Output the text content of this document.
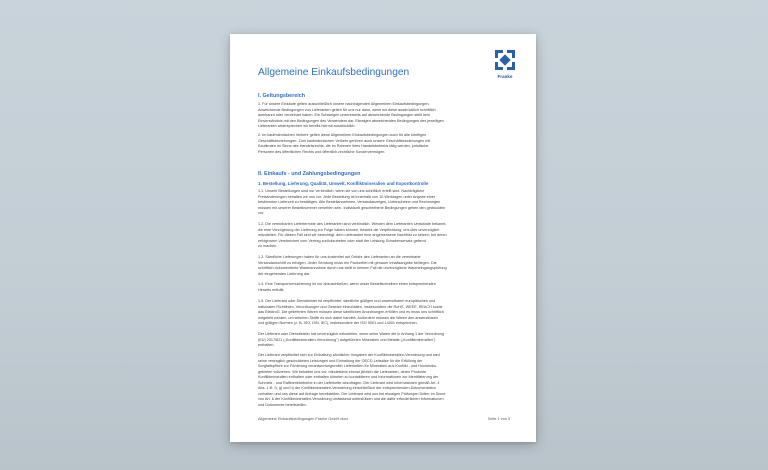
Franke
Allgemeine Einkaufsbedingungen
I. Geltungsbereich
1. Für unsere Einkäufe gelten ausschließlich unsere nachfolgenden Allgemeinen Einkaufsbedingungen.
Abweichende Bedingungen von Lieferanten gelten für uns nur dann, wenn wir diese ausdrücklich schriftlich
anerkannt oder vereinbart haben. Ein Schweigen unsererseits auf abweichende Bedingungen stellt kein
Einverständnis mit den Bedingungen des Verwenders dar. Etwaigen abweichenden Bedingungen des jeweiligen
Lieferanten widersprechen wir bereits hiermit ausdrücklich.
2. Im kaufmännischen Verkehr gelten diese Allgemeinen Einkaufsbedingungen auch für alle künftigen
Geschäftsbeziehungen. Zum kaufmännischen Verkehr gehören auch unsere Geschäftsbeziehungen mit
Kaufleuten im Sinne des Handelsrechts, die im Rahmen ihres Handelsbetriebs tätig werden, juristische
Personen des öffentlichen Rechts und öffentlich-rechtliche Sondervermögen.
II. Einkaufs - und Zahlungsbedingungen
1. Bestellung, Lieferung, Qualität, Umwelt, Konfliktmineralien und Exportkontrolle
1.1. Unsere Bestellungen sind nur verbindlich, wenn sie von uns schriftlich erteilt sind. Nachträgliche
Preisänderungen behalten wir uns vor. Jede Bestellung ist innerhalb von 10 Werktagen unter Angabe einer
bestimmten Lieferzeit zu bestätigen. Alle Bestellannahmen, Versandanzeigen, Lieferscheine und Rechnungen
müssen mit unserer Bestellnummer versehen sein. Individuell geschriebene Bedingungen gehen den gedruckten
vor.
1.2. Die vereinbarten Liefertermine des Lieferanten sind verbindlich. Werden dem Lieferanten Umstände bekannt,
die eine Verzögerung der Lieferung zur Folge haben können, besteht die Verpflichtung, uns dies unverzüglich
mitzuteilen. Für diesen Fall sind wir berechtigt, dem Lieferanten eine angemessene Nachfrist zu setzen; bei deren
erfolglosem Verstreichen vom Vertrag zurückzutreten oder statt der Leistung Schadensersatz geltend
zu machen.
1.3. Sämtliche Lieferungen haben für uns kostenfrei auf Gefahr des Lieferanten an die vereinbarte
Versandanschrift zu erfolgen. Jeder Sendung muss ein Packzettel mit genauer Inhaltsangabe beiliegen. Die
schriftlich dokumentierte Warenannahme durch uns stellt in keinem Fall die unverzügliche Wareneingangsprüfung
der eingehenden Lieferung dar.
1.4. Eine Transportversicherung ist nur abzuschließen, wenn unser Bestellschreiben einen entsprechenden
Hinweis enthält.
1.5. Der Lieferant oder Dienstleister ist verpflichtet, sämtliche gültigen und anwendbaren europäischen und
nationalen Richtlinien, Verordnungen und Gesetze einzuhalten, insbesondere die RoHS, WEEE, REACH sowie
das ElektroG. Die gelieferten Waren müssen diese sämtlichen Anordnungen erfüllen und es muss uns schriftlich
mitgeteilt werden, um welchen Stoffe es sich dabei handelt. Außerdem müssen die Waren den anwendbaren
und gültigen Normen (z. B. ISO, DIN, IEC), insbesondere der ISO 9001 und 14001 entsprechen.
Der Lieferant oder Dienstleister hat unverzüglich mitzuteilen, wenn seine Waren die in Anhang 1 der Verordnung
(EU) 2017/821 („Konfliktmineralien-Verordnung") aufgeführten Mineralien und Metalle („Konfliktmineralien")
enthalten.
Der Lieferant verpflichtet sich zur Einhaltung sämtlicher Vorgaben der Konfliktmineralien-Verordnung und wird
seine vertraglich geschuldeten Leistungen und Einhaltung der OECD-Leitsätze für die Erfüllung der
Sorgfaltspflicht zur Förderung verantwortungsvoller Lieferketten für Mineralien aus Konflikt - und Hochrisiko-
gebieten vollziehen. Wir behalten uns vor, mindestens einmal jährlich die Lieferanten, deren Produkte
Konfliktmineralien enthalten oder enthalten könnten zu kontaktieren und Informationen zur Identifizierung der
Schmelz - und Raffineriebetriebe in der Lieferkette abzufragen. Der Lieferant wird Informationen gemäß Art. 4
Abs. 1 lit. f), g) und h) der Konfliktmineralien-Verordnung einschließlich der entsprechenden Dokumentation
vorhalten und uns diese auf Anfrage bereitstellen. Der Lieferant wird uns bei etwaigen Prüfungen Dritter im Sinne
von Art. 6 der Konfliktmineralien-Verordnung umfassend unterstützen und die dafür erforderlichen Informationen
und Dokumente bereitstellen.
Allgemeine Einkaufsbedingungen Franke GmbH.docx	Seite 1 von 3
